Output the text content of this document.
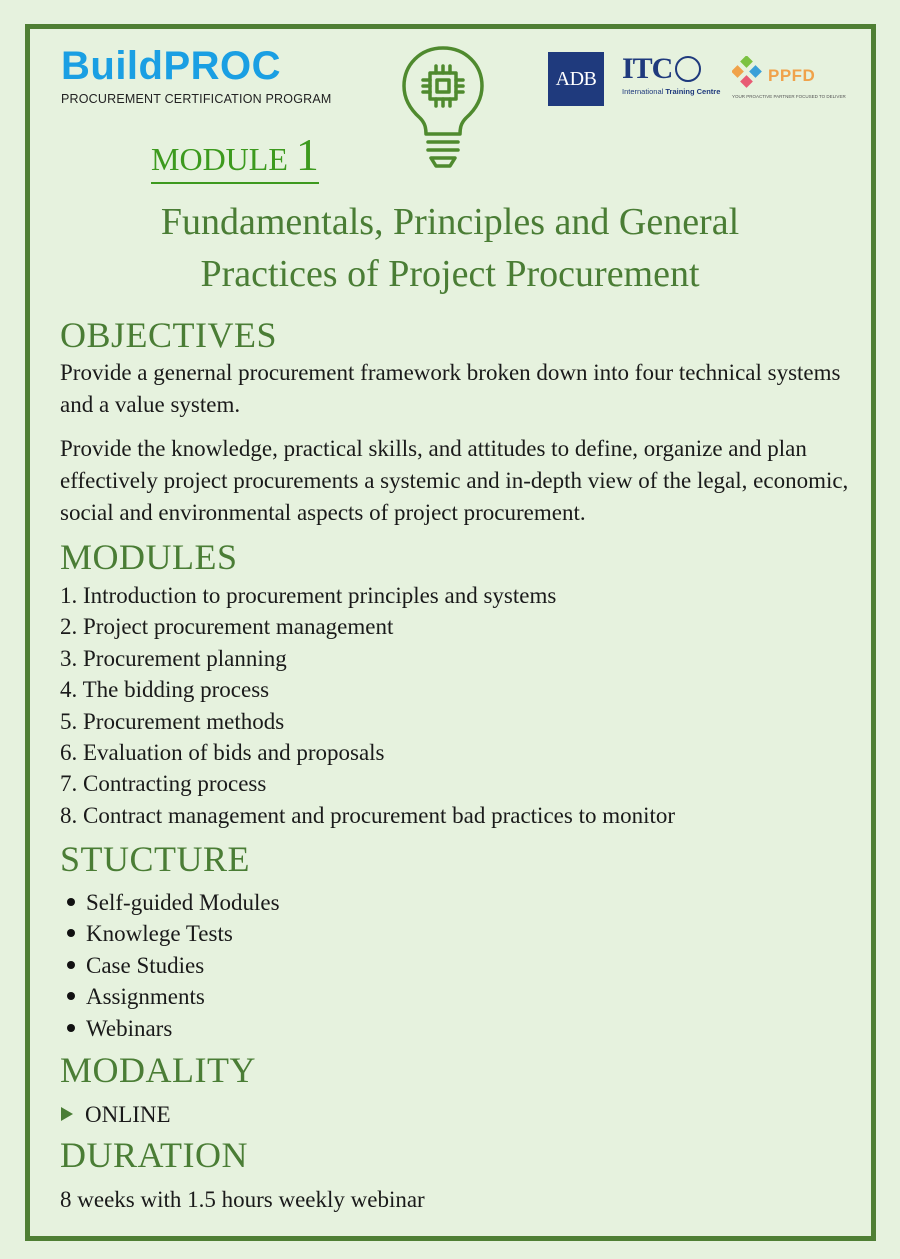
BuildPROC
PROCUREMENT CERTIFICATION PROGRAM
ADB ITC
International Training Centre
PPFD
YOUR PROACTIVE PARTNER FOCUSED TO DELIVER
MODULE 1
Fundamentals, Principles and General
Practices of Project Procurement
OBJECTIVES

Provide a genernal procurement framework broken down into four technical systems and a value system.

Provide the knowledge, practical skills, and attitudes to define, organize and plan effectively project procurements a systemic and in-depth view of the legal, economic, social and environmental aspects of project procurement.

MODULES
1. Introduction to procurement principles and systems
2. Project procurement management
3. Procurement planning
4. The bidding process
5. Procurement methods
6. Evaluation of bids and proposals
7. Contracting process
8. Contract management and procurement bad practices to monitor
STUCTURE
Self-guided Modules
Knowlege Tests
Case Studies
Assignments
Webinars
MODALITY
ONLINE
DURATION

8 weeks with 1.5 hours weekly webinar
